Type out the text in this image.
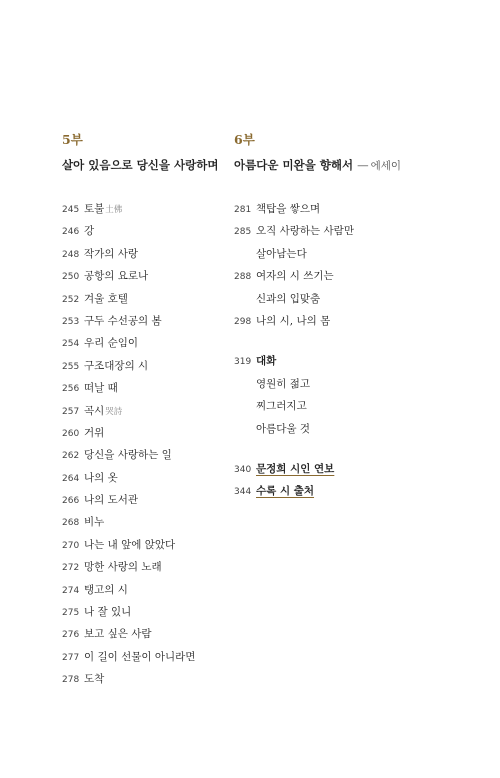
5부
살아 있음으로 당신을 사랑하며
245 토불 土佛
246 강
248 작가의 사랑
250 공항의 요로나
252 겨울 호텔
253 구두 수선공의 봄
254 우리 순임이
255 구조대장의 시
256 떠날 때
257 곡시 哭詩
260 거위
262 당신을 사랑하는 일
264 나의 옷
266 나의 도서관
268 비누
270 나는 내 앞에 앉았다
272 망한 사랑의 노래
274 탱고의 시
275 나 잘 있니
276 보고 싶은 사람
277 이 길이 선물이 아니라면
278 도착
6부
아름다운 미완을 향해서 — 에세이
281 책탑을 쌓으며
285 오직 사랑하는 사람만
살아남는다
288 여자의 시 쓰기는
신과의 입맞춤
298 나의 시, 나의 몸
319 대화
영원히 젊고
찌그러지고
아름다울 것
340 문정희 시인 연보
344 수록 시 출처
